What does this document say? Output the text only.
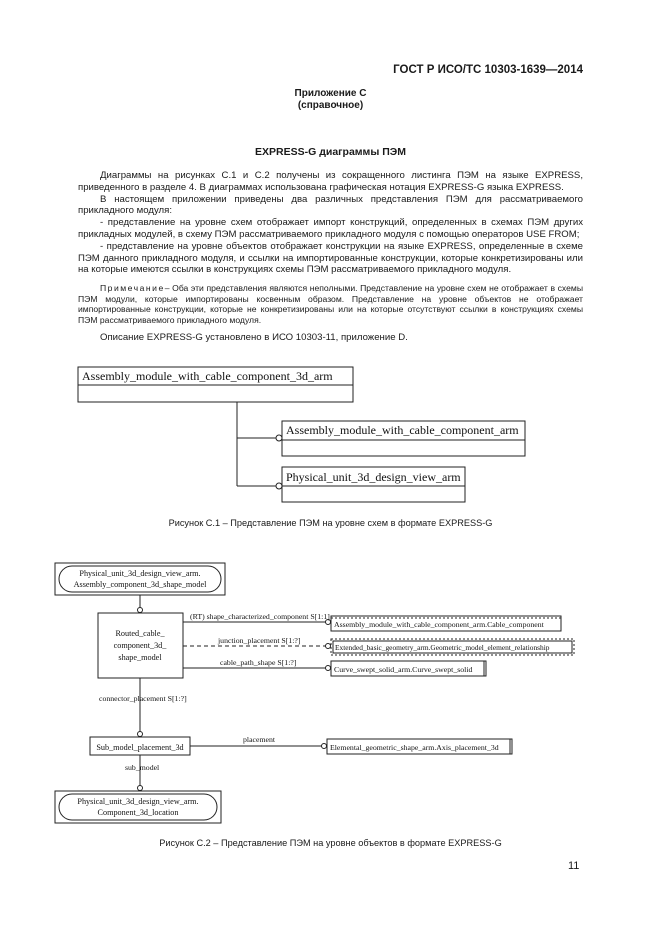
ГОСТ Р ИСО/ТС 10303-1639—2014
Приложение С
(справочное)
EXPRESS-G диаграммы ПЭМ

Диаграммы на рисунках С.1 и С.2 получены из сокращенного листинга ПЭМ на языке EXPRESS, приведенного в разделе 4. В диаграммах использована графическая нотация EXPRESS-G языка EXPRESS.

В настоящем приложении приведены два различных представления ПЭМ для рассматриваемого прикладного модуля:

- представление на уровне схем отображает импорт конструкций, определенных в схемах ПЭМ других прикладных модулей, в схему ПЭМ рассматриваемого прикладного модуля с помощью операторов USE FROM;

- представление на уровне объектов отображает конструкции на языке EXPRESS, определенные в схеме ПЭМ данного прикладного модуля, и ссылки на импортированные конструкции, которые конкретизированы или на которые имеются ссылки в конструкциях схемы ПЭМ рассматриваемого прикладного модуля.

Примечание– Оба эти представления являются неполными. Представление на уровне схем не отображает в схемы ПЭМ модули, которые импортированы косвенным образом. Представление на уровне объектов не отображает импортированные конструкции, которые не конкретизированы или на которые отсутствуют ссылки в конструкциях схемы ПЭМ рассматриваемого прикладного модуля.

Описание EXPRESS-G установлено в ИСО 10303-11, приложение D.

Assembly_module_with_cable_component_3d_arm
Assembly_module_with_cable_component_arm
Physical_unit_3d_design_view_arm
Physical_unit_3d_design_view_arm.
Assembly_component_3d_shape_model
Routed_cable_
component_3d_
shape_model
(RT) shape_characterized_component S[1:1]
junction_placement S[1:?]
cable_path_shape S[1:?]
Assembly_module_with_cable_component_arm.Cable_component
Extended_basic_geometry_arm.Geometric_model_element_relationship
Curve_swept_solid_arm.Curve_swept_solid
connector_placement S[1:?]
Sub_model_placement_3d
placement
Elemental_geometric_shape_arm.Axis_placement_3d
sub_model
Physical_unit_3d_design_view_arm.
Component_3d_location
Рисунок С.1 – Представление ПЭМ на уровне схем в формате EXPRESS-G
Рисунок С.2 – Представление ПЭМ на уровне объектов в формате EXPRESS-G
11
